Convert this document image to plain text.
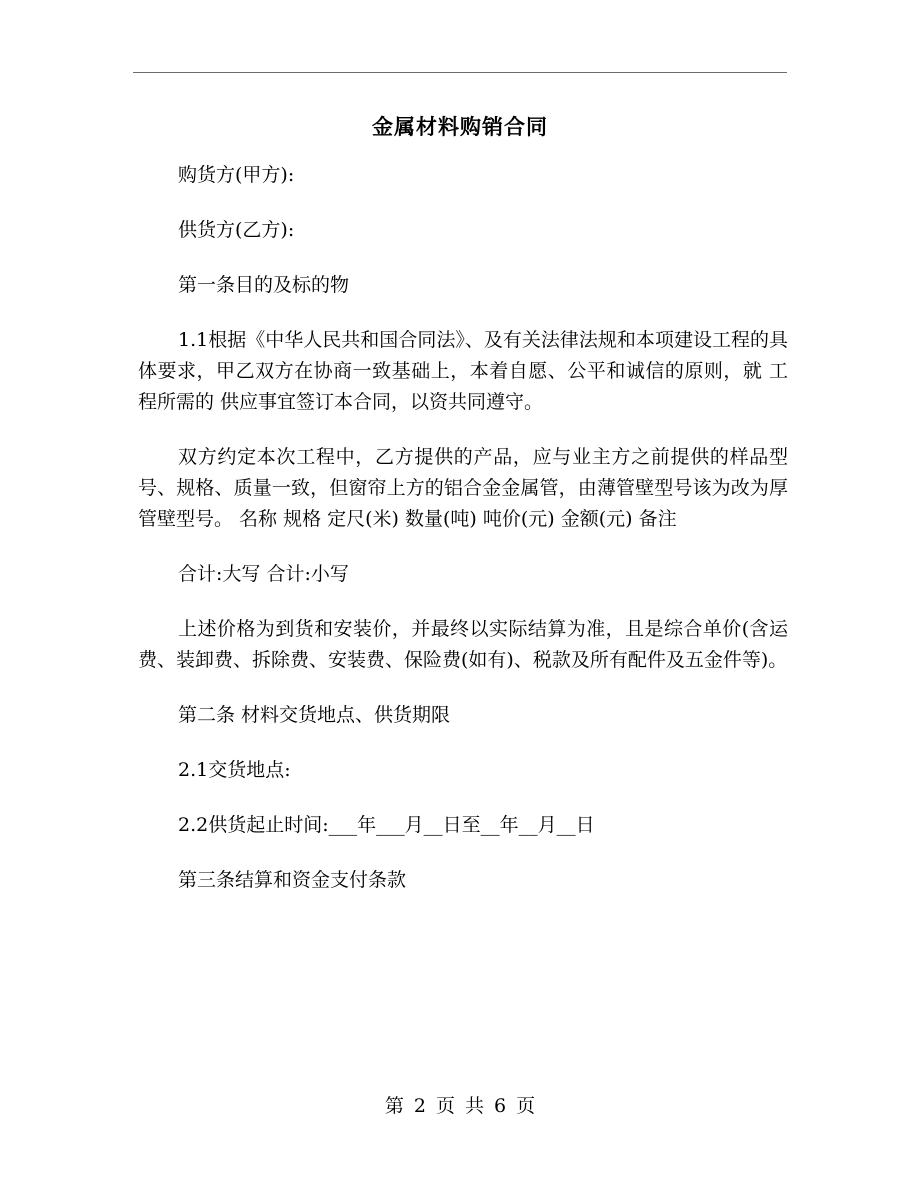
金属材料购销合同

购货方(甲方):

供货方(乙方):

第一条目的及标的物

1.1根据《中华人民共和国合同法》、及有关法律法规和本项建设工程的具体要求，甲乙双方在协商一致基础上，本着自愿、公平和诚信的原则，就 工程所需的 供应事宜签订本合同，以资共同遵守。

双方约定本次工程中，乙方提供的产品，应与业主方之前提供的样品型号、规格、质量一致，但窗帘上方的铝合金金属管，由薄管壁型号该为改为厚管壁型号。 名称 规格 定尺(米) 数量(吨) 吨价(元) 金额(元) 备注

合计:大写 合计:小写

上述价格为到货和安装价，并最终以实际结算为准，且是综合单价(含运费、装卸费、拆除费、安装费、保险费(如有)、税款及所有配件及五金件等)。

第二条 材料交货地点、供货期限

2.1交货地点:

2.2供货起止时间:___年___月__日至__年__月__日

第三条结算和资金支付条款

第 2 页 共 6 页
